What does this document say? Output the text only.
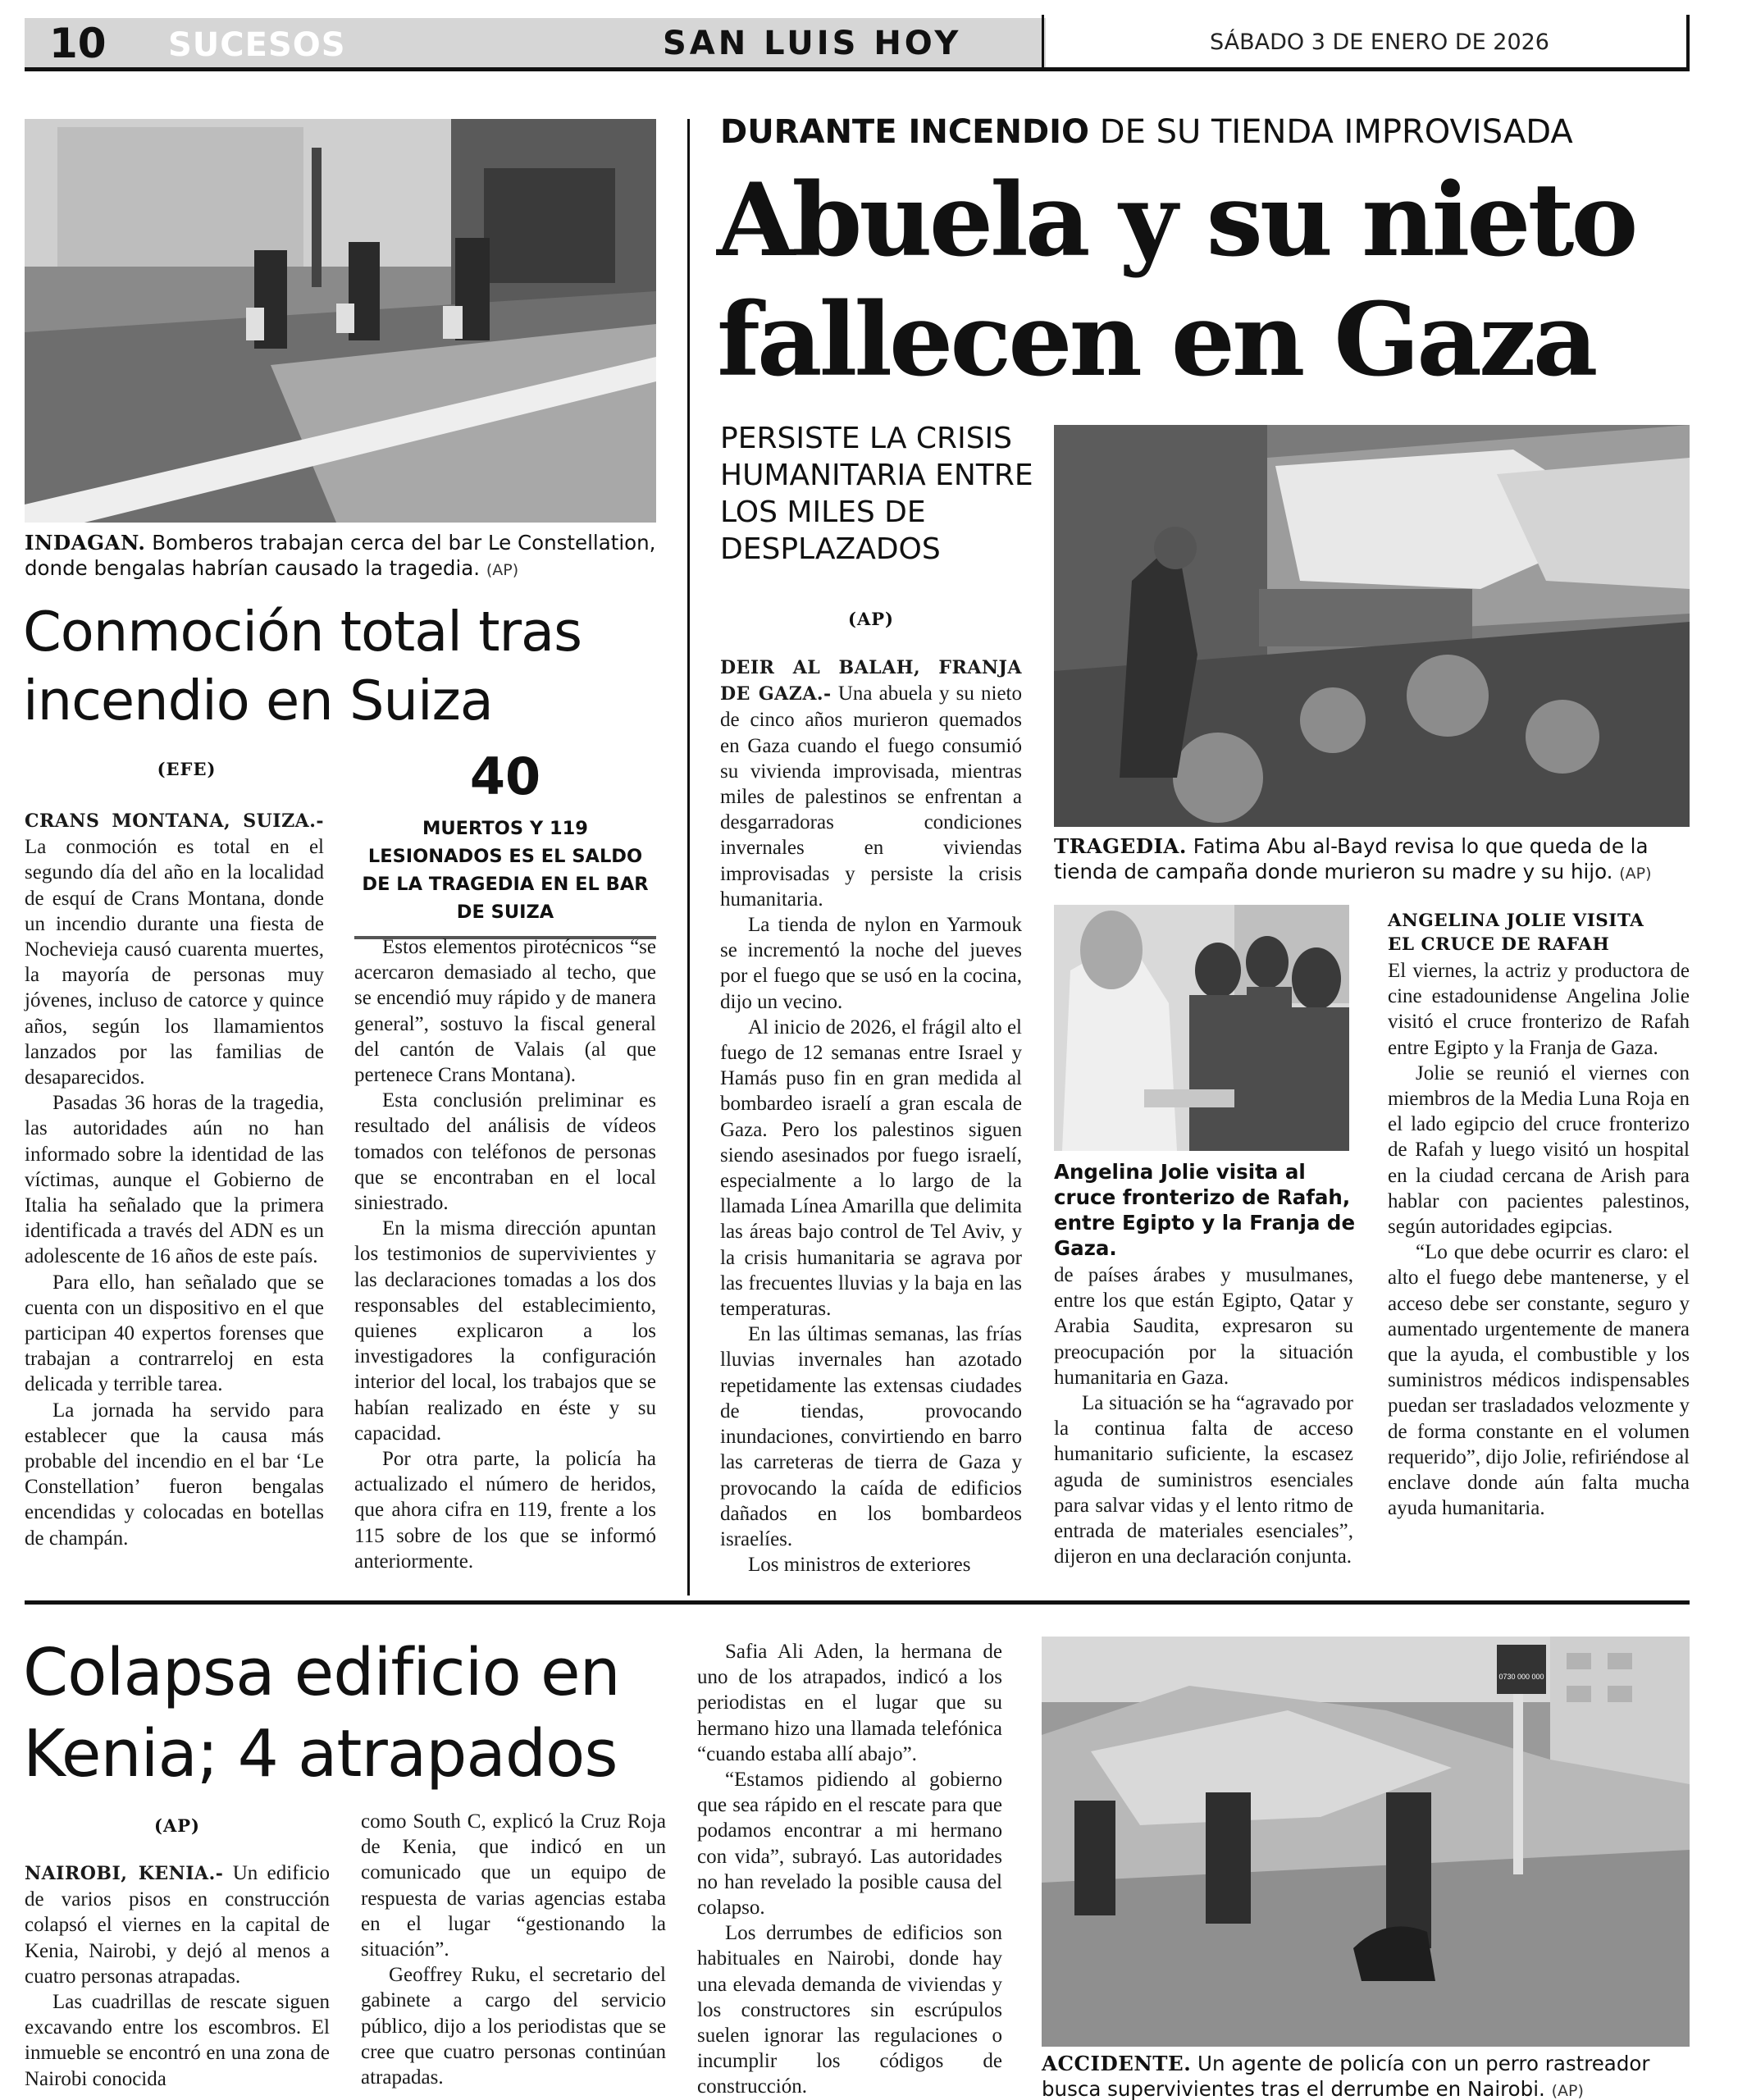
10 SUCESOS	SAN LUIS HOY	SÁBADO 3 DE ENERO DE 2026
INDAGAN. Bomberos trabajan cerca del bar Le Constellation, donde bengalas habrían causado la tragedia. (AP)
Conmoción total tras incendio en Suiza
(EFE)	40
MUERTOS Y 119 LESIONADOS ES EL SALDO DE LA TRAGEDIA EN EL BAR DE SUIZA

CRANS MONTANA, SUIZA.-La conmoción es total en el segundo día del año en la localidad de esquí de Crans Montana, donde un incendio durante una fiesta de Nochevieja causó cuarenta muertes, la mayoría de personas muy jóvenes, incluso de catorce y quince años, según los llamamientos lanzados por las familias de desaparecidos.

Pasadas 36 horas de la tragedia, las autoridades aún no han informado sobre la identidad de las víctimas, aunque el Gobierno de Italia ha señalado que la primera identificada a través del ADN es un adolescente de 16 años de este país.

Para ello, han señalado que se cuenta con un dispositivo en el que participan 40 expertos forenses que trabajan a contrarreloj en esta delicada y terrible tarea.

La jornada ha servido para establecer que la causa más probable del incendio en el bar ‘Le Constellation’ fueron bengalas encendidas y colocadas en botellas de champán.

Estos elementos pirotécnicos “se acercaron demasiado al techo, que se encendió muy rápido y de manera general”, sostuvo la fiscal general del cantón de Valais (al que pertenece Crans Montana).

Esta conclusión preliminar es resultado del análisis de vídeos tomados con teléfonos de personas que se encontraban en el local siniestrado.

En la misma dirección apuntan los testimonios de supervivientes y las declaraciones tomadas a los dos responsables del establecimiento, quienes explicaron a los investigadores la configuración interior del local, los trabajos que se habían realizado en éste y su capacidad.

Por otra parte, la policía ha actualizado el número de heridos, que ahora cifra en 119, frente a los 115 sobre de los que se informó anteriormente.

DURANTE INCENDIO DE SU TIENDA IMPROVISADA
Abuela y su nieto
fallecen en Gaza
PERSISTE LA CRISIS HUMANITARIA ENTRE LOS MILES DE DESPLAZADOS
(AP)
TRAGEDIA. Fatima Abu al-Bayd revisa lo que queda de la tienda de campaña donde murieron su madre y su hijo. (AP)

DEIR AL BALAH, FRANJA DE GAZA.- Una abuela y su nieto de cinco años murieron quemados en Gaza cuando el fuego consumió su vivienda improvisada, mientras miles de palestinos se enfrentan a desgarradoras condiciones invernales en viviendas improvisadas y persiste la crisis humanitaria.

La tienda de nylon en Yarmouk se incrementó la noche del jueves por el fuego que se usó en la cocina, dijo un vecino.

Al inicio de 2026, el frágil alto el fuego de 12 semanas entre Israel y Hamás puso fin en gran medida al bombardeo israelí a gran escala de Gaza. Pero los palestinos siguen siendo asesinados por fuego israelí, especialmente a lo largo de la llamada Línea Amarilla que delimita las áreas bajo control de Tel Aviv, y la crisis humanitaria se agrava por las frecuentes lluvias y la baja en las temperaturas.

En las últimas semanas, las frías lluvias invernales han azotado repetidamente las extensas ciudades de tiendas, provocando inundaciones, convirtiendo en barro las carreteras de tierra de Gaza y provocando la caída de edificios dañados en los bombardeos israelíes.

Los ministros de exteriores

Angelina Jolie visita al cruce fronterizo de Rafah, entre Egipto y la Franja de Gaza.

de países árabes y musulmanes, entre los que están Egipto, Qatar y Arabia Saudita, expresaron su preocupación por la situación humanitaria en Gaza.

La situación se ha “agravado por la continua falta de acceso humanitario suficiente, la escasez aguda de suministros esenciales para salvar vidas y el lento ritmo de entrada de materiales esenciales”, dijeron en una declaración conjunta.

ANGELINA JOLIE VISITA EL CRUCE DE RAFAH

El viernes, la actriz y productora de cine estadounidense Angelina Jolie visitó el cruce fronterizo de Rafah entre Egipto y la Franja de Gaza.

Jolie se reunió el viernes con miembros de la Media Luna Roja en el lado egipcio del cruce fronterizo de Rafah y luego visitó un hospital en la ciudad cercana de Arish para hablar con pacientes palestinos, según autoridades egipcias.

“Lo que debe ocurrir es claro: el alto el fuego debe mantenerse, y el acceso debe ser constante, seguro y aumentado urgentemente de manera que la ayuda, el combustible y los suministros médicos indispensables puedan ser trasladados velozmente y de forma constante en el volumen requerido”, dijo Jolie, refiriéndose al enclave donde aún falta mucha ayuda humanitaria.

Colapsa edificio en Kenia; 4 atrapados
(AP)

NAIROBI, KENIA.- Un edificio de varios pisos en construcción colapsó el viernes en la capital de Kenia, Nairobi, y dejó al menos a cuatro personas atrapadas.

Las cuadrillas de rescate siguen excavando entre los escombros. El inmueble se encontró en una zona de Nairobi conocida

como South C, explicó la Cruz Roja de Kenia, que indicó en un comunicado que un equipo de respuesta de varias agencias estaba en el lugar “gestionando la situación”.

Geoffrey Ruku, el secretario del gabinete a cargo del servicio público, dijo a los periodistas que se cree que cuatro personas continúan atrapadas.

Safia Ali Aden, la hermana de uno de los atrapados, indicó a los periodistas en el lugar que su hermano hizo una llamada telefónica “cuando estaba allí abajo”.

“Estamos pidiendo al gobierno que sea rápido en el rescate para que podamos encontrar a mi hermano con vida”, subrayó. Las autoridades no han revelado la posible causa del colapso.

Los derrumbes de edificios son habituales en Nairobi, donde hay una elevada demanda de viviendas y los constructores sin escrúpulos suelen ignorar las regulaciones o incumplir los códigos de construcción.

0730 000 000
ACCIDENTE. Un agente de policía con un perro rastreador busca supervivientes tras el derrumbe en Nairobi. (AP)
